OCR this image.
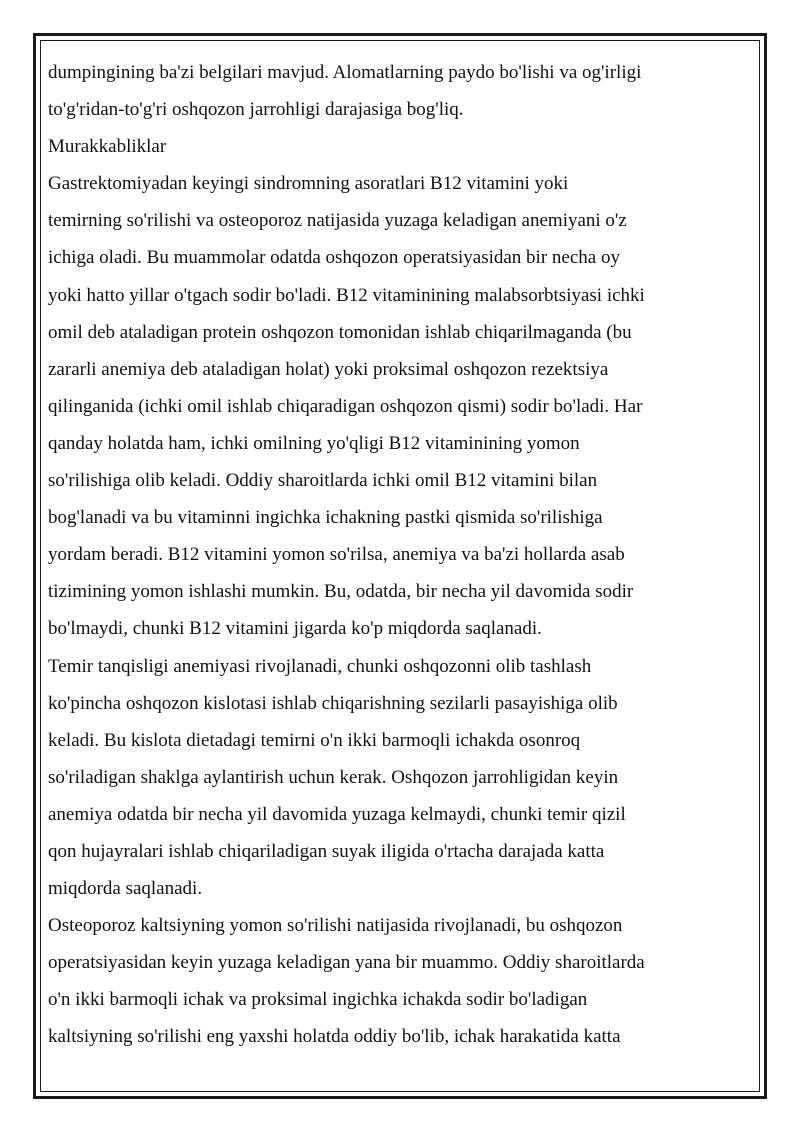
dumpingining ba'zi belgilari mavjud. Alomatlarning paydo bo'lishi va og'irligi
to'g'ridan-to'g'ri oshqozon jarrohligi darajasiga bog'liq.
Murakkabliklar
Gastrektomiyadan keyingi sindromning asoratlari B12 vitamini yoki
temirning so'rilishi va osteoporoz natijasida yuzaga keladigan anemiyani o'z
ichiga oladi. Bu muammolar odatda oshqozon operatsiyasidan bir necha oy
yoki hatto yillar o'tgach sodir bo'ladi. B12 vitaminining malabsorbtsiyasi ichki
omil deb ataladigan protein oshqozon tomonidan ishlab chiqarilmaganda (bu
zararli anemiya deb ataladigan holat) yoki proksimal oshqozon rezektsiya
qilinganida (ichki omil ishlab chiqaradigan oshqozon qismi) sodir bo'ladi. Har
qanday holatda ham, ichki omilning yo'qligi B12 vitaminining yomon
so'rilishiga olib keladi. Oddiy sharoitlarda ichki omil B12 vitamini bilan
bog'lanadi va bu vitaminni ingichka ichakning pastki qismida so'rilishiga
yordam beradi. B12 vitamini yomon so'rilsa, anemiya va ba'zi hollarda asab
tizimining yomon ishlashi mumkin. Bu, odatda, bir necha yil davomida sodir
bo'lmaydi, chunki B12 vitamini jigarda ko'p miqdorda saqlanadi.
Temir tanqisligi anemiyasi rivojlanadi, chunki oshqozonni olib tashlash
ko'pincha oshqozon kislotasi ishlab chiqarishning sezilarli pasayishiga olib
keladi. Bu kislota dietadagi temirni o'n ikki barmoqli ichakda osonroq
so'riladigan shaklga aylantirish uchun kerak. Oshqozon jarrohligidan keyin
anemiya odatda bir necha yil davomida yuzaga kelmaydi, chunki temir qizil
qon hujayralari ishlab chiqariladigan suyak iligida o'rtacha darajada katta
miqdorda saqlanadi.
Osteoporoz kaltsiyning yomon so'rilishi natijasida rivojlanadi, bu oshqozon
operatsiyasidan keyin yuzaga keladigan yana bir muammo. Oddiy sharoitlarda
o'n ikki barmoqli ichak va proksimal ingichka ichakda sodir bo'ladigan
kaltsiyning so'rilishi eng yaxshi holatda oddiy bo'lib, ichak harakatida katta
